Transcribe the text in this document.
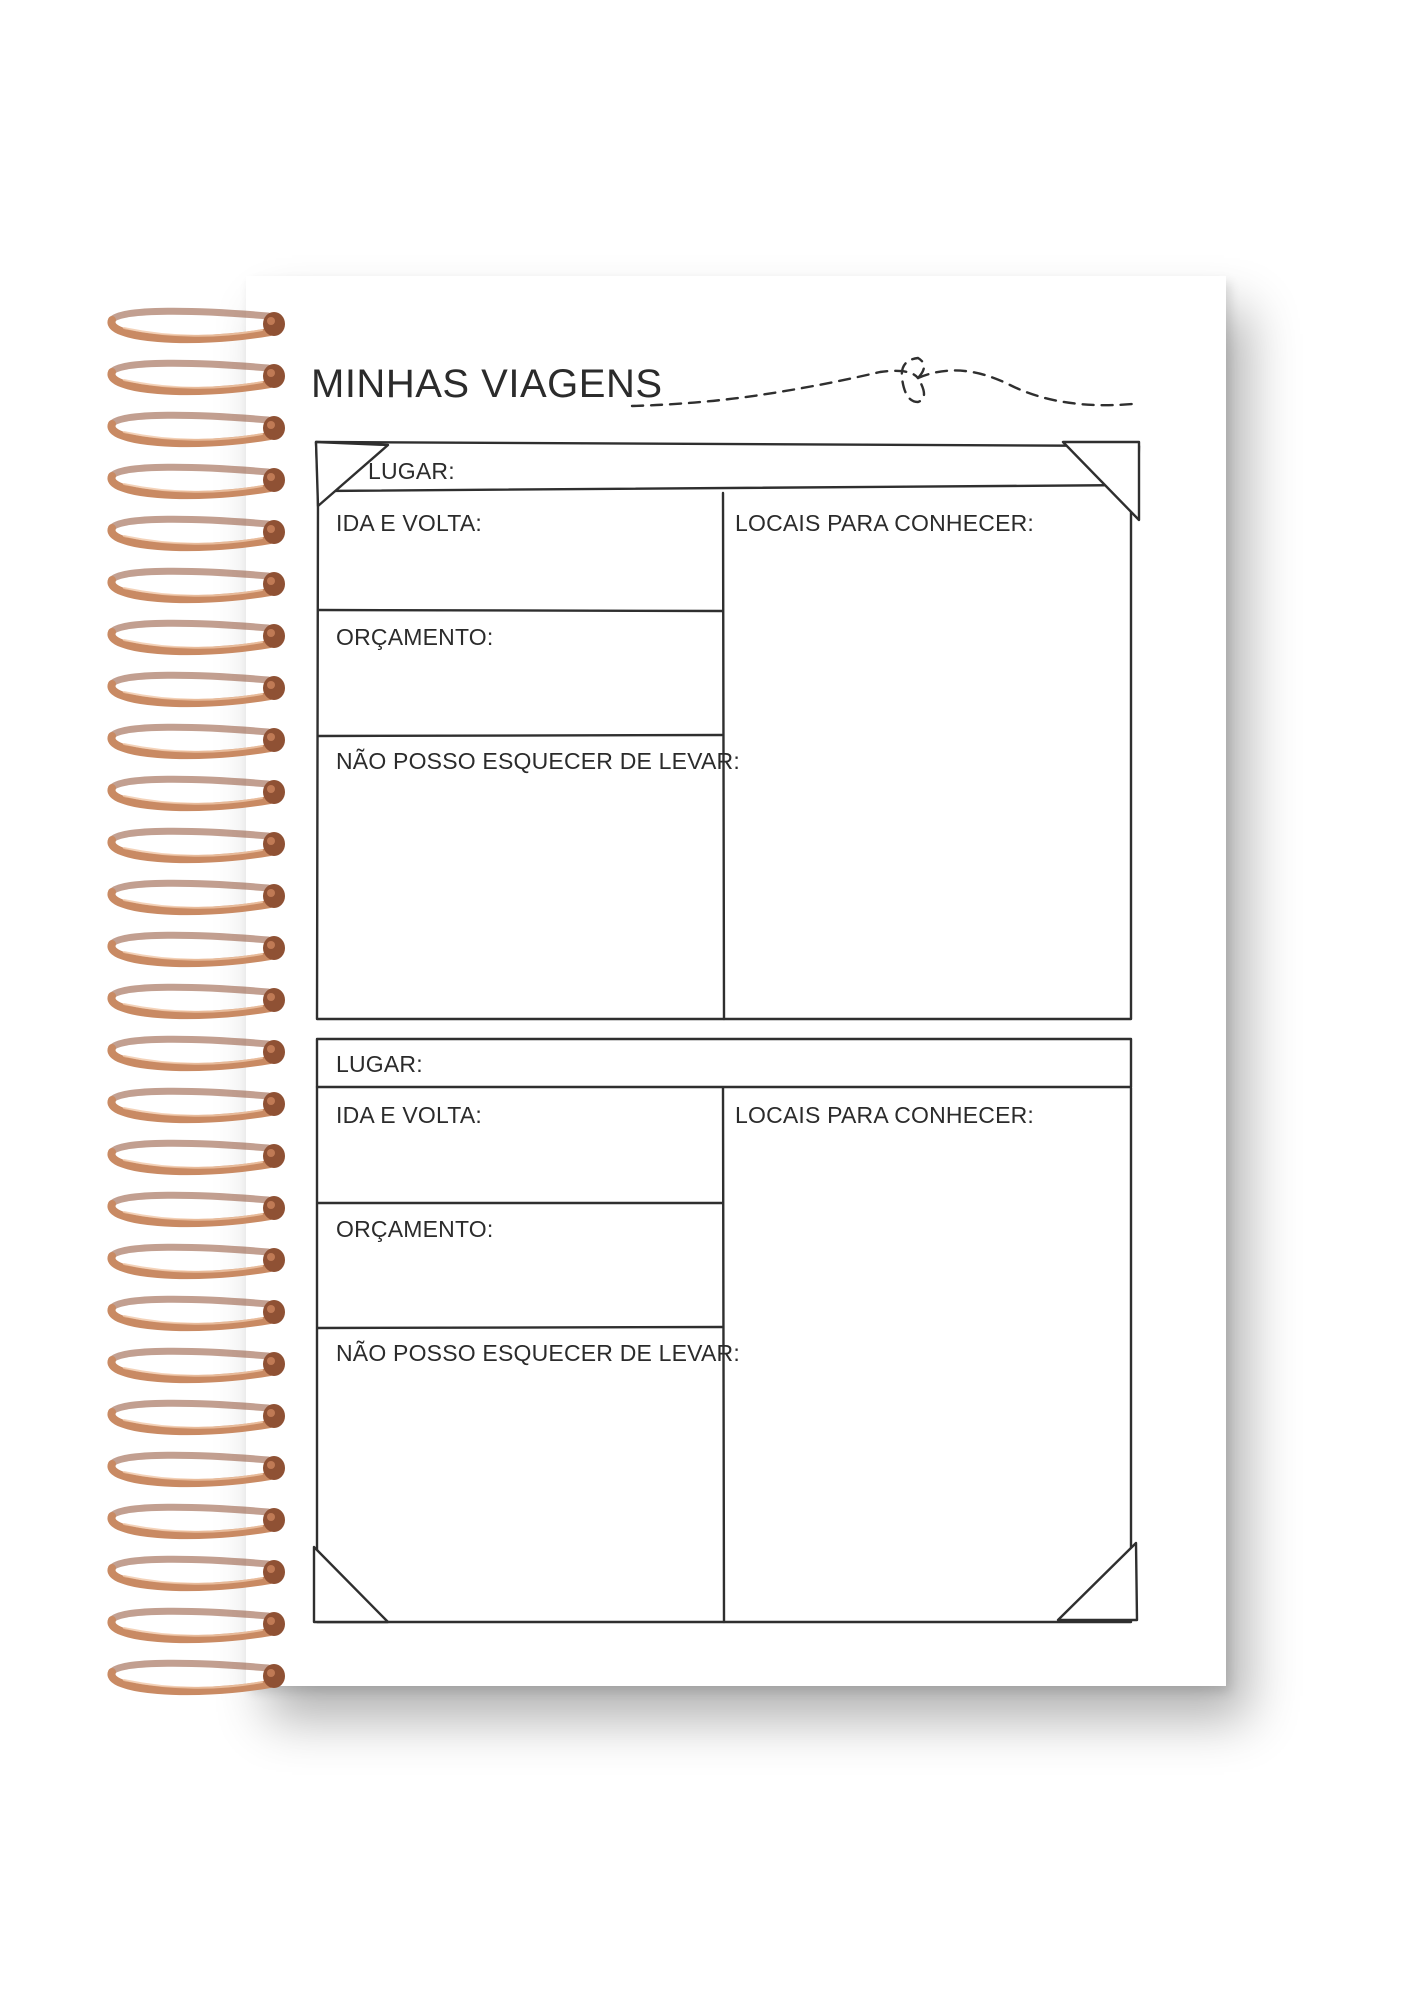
MINHAS VIAGENS
LUGAR:
IDA E VOLTA:
ORÇAMENTO:
NÃO POSSO ESQUECER DE LEVAR:
LOCAIS PARA CONHECER:
LUGAR:
IDA E VOLTA:
ORÇAMENTO:
NÃO POSSO ESQUECER DE LEVAR:
LOCAIS PARA CONHECER:
